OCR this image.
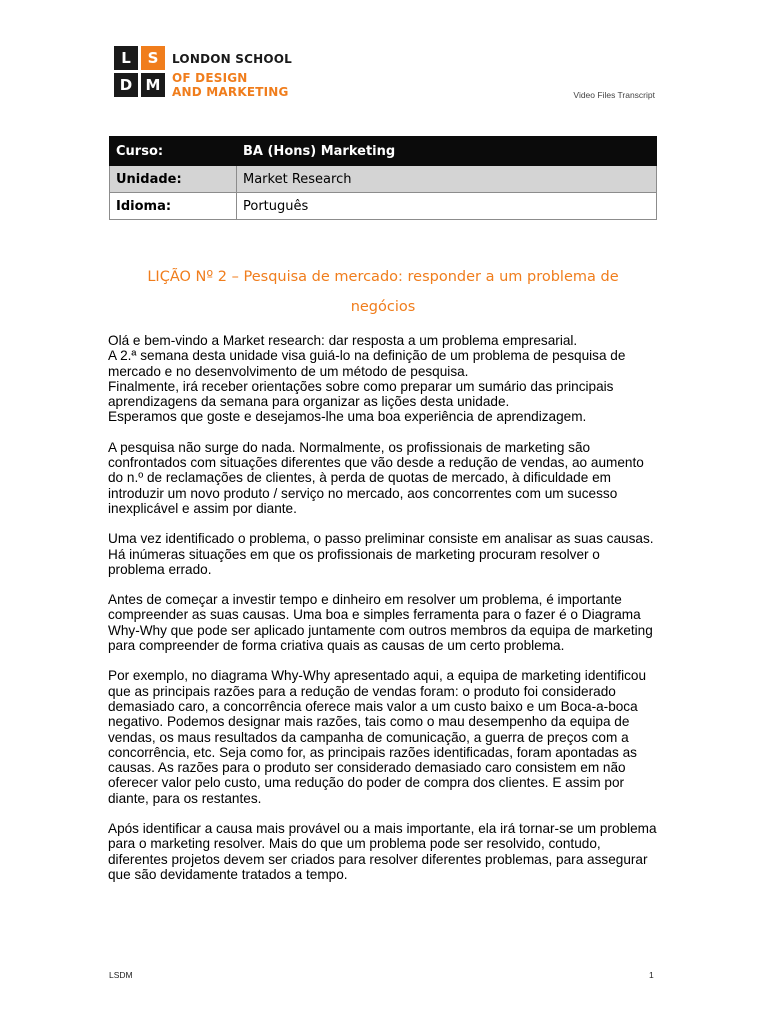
L	S
D M
LONDON SCHOOL
OF DESIGN
AND MARKETING	Video Files Transcript
Curso:	BA (Hons) Marketing
Unidade:	Market Research
Idioma:	Português
LIÇÃO Nº 2 – Pesquisa de mercado: responder a um problema de
negócios

Olá e bem-vindo a Market research: dar resposta a um problema empresarial.
A 2.ª semana desta unidade visa guiá-lo na definição de um problema de pesquisa de mercado e no desenvolvimento de um método de pesquisa.
Finalmente, irá receber orientações sobre como preparar um sumário das principais aprendizagens da semana para organizar as lições desta unidade.
Esperamos que goste e desejamos-lhe uma boa experiência de aprendizagem.

A pesquisa não surge do nada. Normalmente, os profissionais de marketing são confrontados com situações diferentes que vão desde a redução de vendas, ao aumento do n.º de reclamações de clientes, à perda de quotas de mercado, à dificuldade em introduzir um novo produto / serviço no mercado, aos concorrentes com um sucesso inexplicável e assim por diante.

Uma vez identificado o problema, o passo preliminar consiste em analisar as suas causas. Há inúmeras situações em que os profissionais de marketing procuram resolver o problema errado.

Antes de começar a investir tempo e dinheiro em resolver um problema, é importante compreender as suas causas. Uma boa e simples ferramenta para o fazer é o Diagrama Why-Why que pode ser aplicado juntamente com outros membros da equipa de marketing para compreender de forma criativa quais as causas de um certo problema.

Por exemplo, no diagrama Why-Why apresentado aqui, a equipa de marketing identificou que as principais razões para a redução de vendas foram: o produto foi considerado demasiado caro, a concorrência oferece mais valor a um custo baixo e um Boca-a-boca negativo. Podemos designar mais razões, tais como o mau desempenho da equipa de vendas, os maus resultados da campanha de comunicação, a guerra de preços com a concorrência, etc. Seja como for, as principais razões identificadas, foram apontadas as causas. As razões para o produto ser considerado demasiado caro consistem em não oferecer valor pelo custo, uma redução do poder de compra dos clientes. E assim por diante, para os restantes.

Após identificar a causa mais provável ou a mais importante, ela irá tornar-se um problema para o marketing resolver. Mais do que um problema pode ser resolvido, contudo, diferentes projetos devem ser criados para resolver diferentes problemas, para assegurar que são devidamente tratados a tempo.

LSDM	1
